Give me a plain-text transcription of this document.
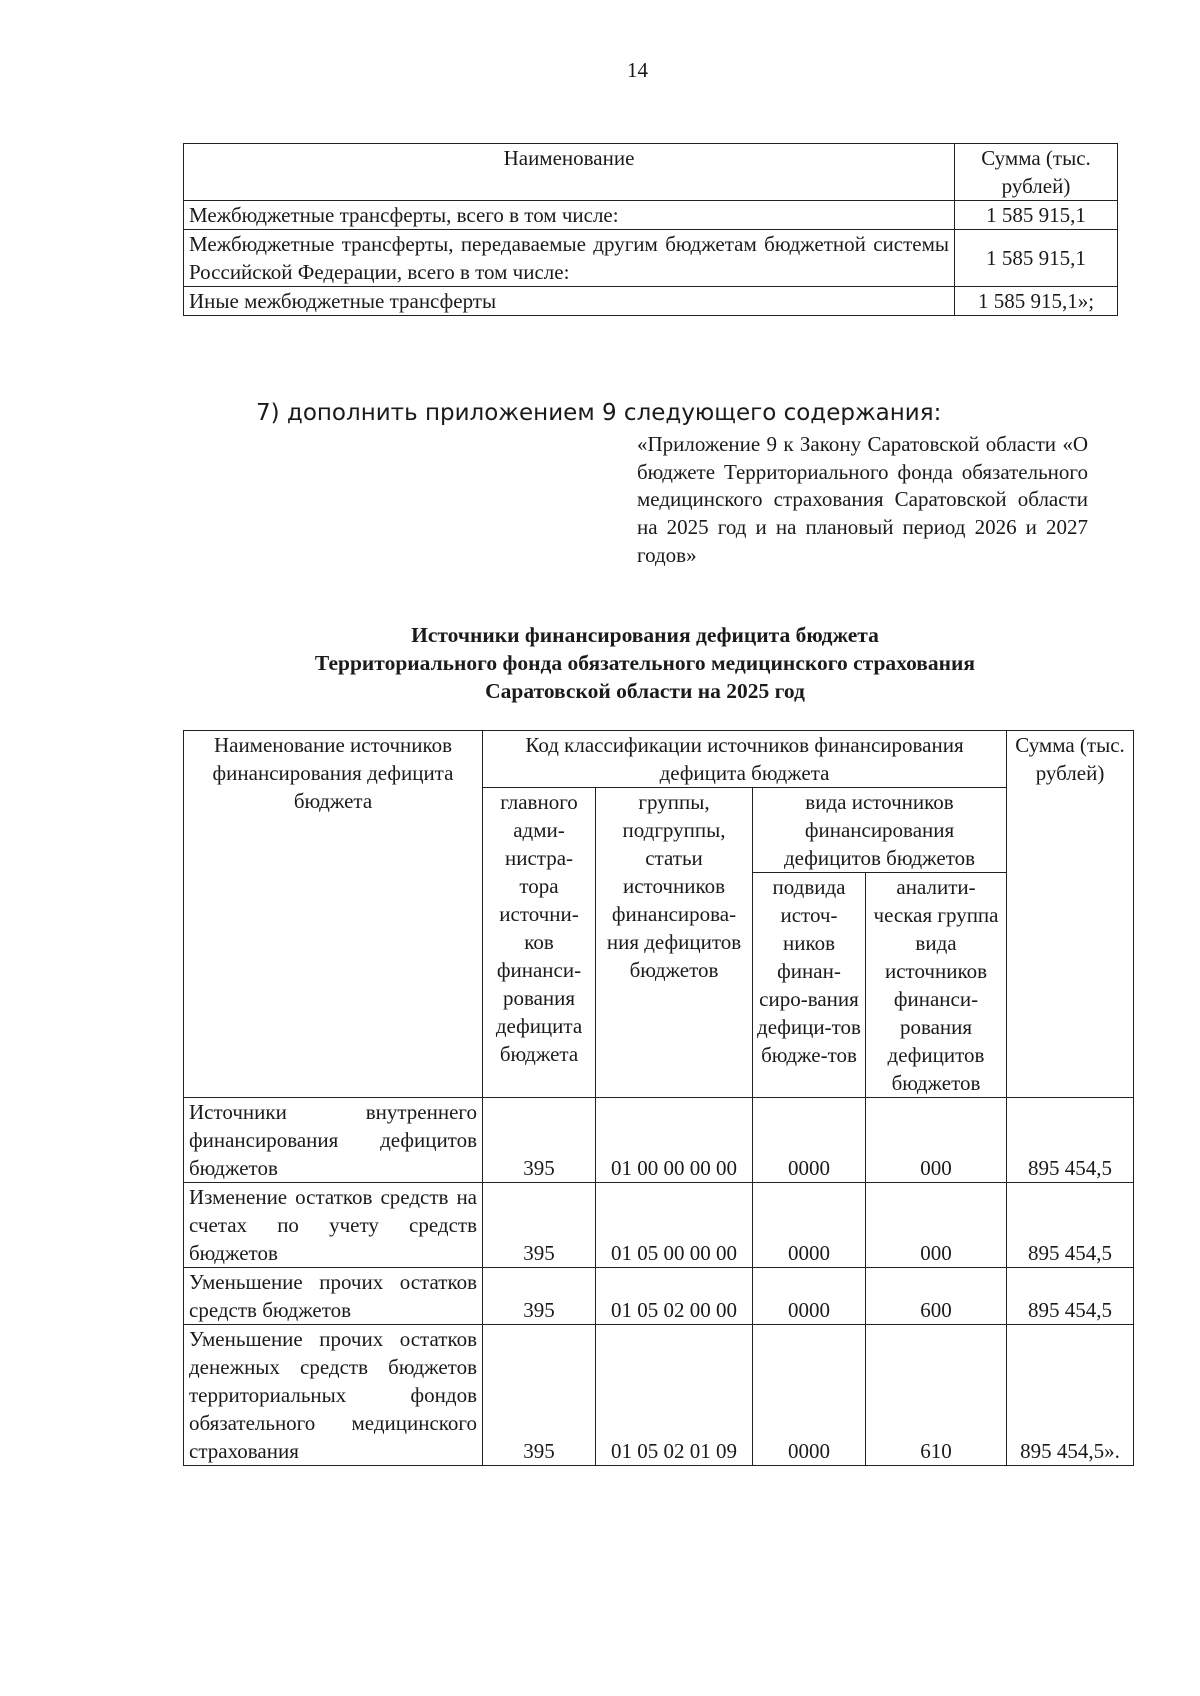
14
Наименование	Сумма (тыс. рублей)
Межбюджетные трансферты, всего в том числе:	1 585 915,1
Межбюджетные трансферты, передаваемые другим бюджетам бюджетной системы Российской Федерации, всего в том числе:	1 585 915,1
Иные межбюджетные трансферты	1 585 915,1»;
7) дополнить приложением 9 следующего содержания:
«Приложение 9 к Закону Саратовской области «О бюджете Территориального фонда обязательного медицинского страхования Саратовской области на 2025 год и на плановый период 2026 и 2027 годов»
Источники финансирования дефицита бюджета
Территориального фонда обязательного медицинского страхования
Саратовской области на 2025 год
Наименование источников финансирования дефицита бюджета	Код классификации источников финансирования дефицита бюджета				Сумма (тыс. рублей)
	главного адми-нистра-тора источни-ков финанси-рования дефицита бюджета	группы, подгруппы, статьи источников финансирова-ния дефицитов бюджетов	вида источников финансирования дефицитов бюджетов		
			подвида источ-ников финан-сиро-вания дефици-тов бюдже-тов	аналити-ческая группа вида источников финанси-рования дефицитов бюджетов	
Источники внутреннего финансирования дефицитов бюджетов	395	01 00 00 00 00	0000	000	895 454,5
Изменение остатков средств на счетах по учету средств бюджетов	395	01 05 00 00 00	0000	000	895 454,5
Уменьшение прочих остатков средств бюджетов	395	01 05 02 00 00	0000	600	895 454,5
Уменьшение прочих остатков денежных средств бюджетов территориальных фондов обязательного медицинского страхования	395	01 05 02 01 09	0000	610	895 454,5».
